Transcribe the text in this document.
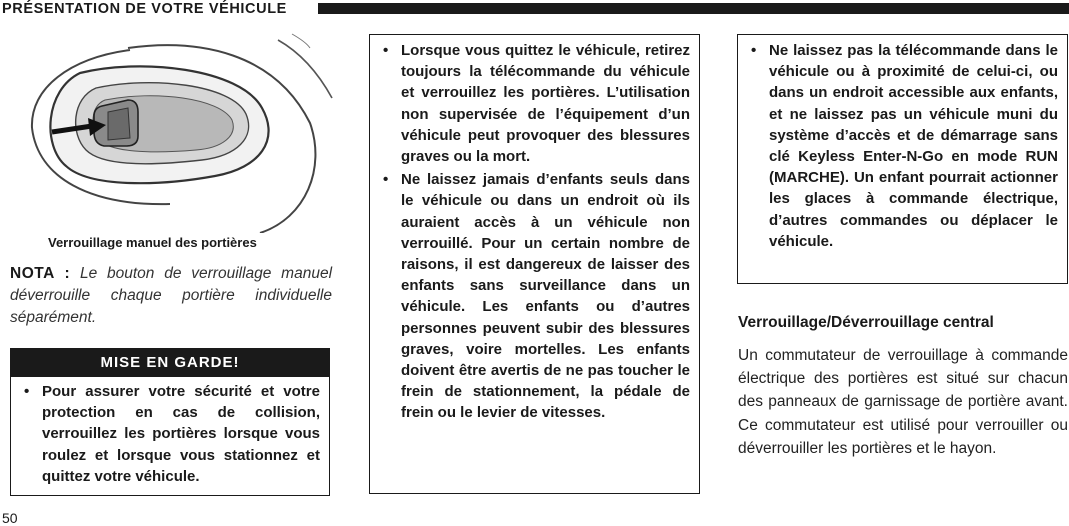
PRÉSENTATION DE VOTRE VÉHICULE
Verrouillage manuel des portières

NOTA : Le bouton de verrouillage manuel déverrouille chaque portière individuelle séparément.

MISE EN GARDE!
• Pour assurer votre sécurité et votre protection en cas de collision, verrouillez les portières lorsque vous roulez et lorsque vous stationnez et quittez votre véhicule.
• Lorsque vous quittez le véhicule, retirez toujours la télécommande du véhicule et verrouillez les portières. L’utilisation non supervisée de l’équipement d’un véhicule peut provoquer des blessures graves ou la mort.
• Ne laissez jamais d’enfants seuls dans le véhicule ou dans un endroit où ils auraient accès à un véhicule non verrouillé. Pour un certain nombre de raisons, il est dangereux de laisser des enfants sans surveillance dans un véhicule. Les enfants ou d’autres personnes peuvent subir des blessures graves, voire mortelles. Les enfants doivent être avertis de ne pas toucher le frein de stationnement, la pédale de frein ou le levier de vitesses.
• Ne laissez pas la télécommande dans le véhicule ou à proximité de celui-ci, ou dans un endroit accessible aux enfants, et ne laissez pas un véhicule muni du système d’accès et de démarrage sans clé Keyless Enter-N-Go en mode RUN (MARCHE). Un enfant pourrait actionner les glaces à commande électrique, d’autres commandes ou déplacer le véhicule.
Verrouillage/Déverrouillage central

Un commutateur de verrouillage à commande électrique des portières est situé sur chacun des panneaux de garnissage de portière avant. Ce commutateur est utilisé pour verrouiller ou déverrouiller les portières et le hayon.

50
